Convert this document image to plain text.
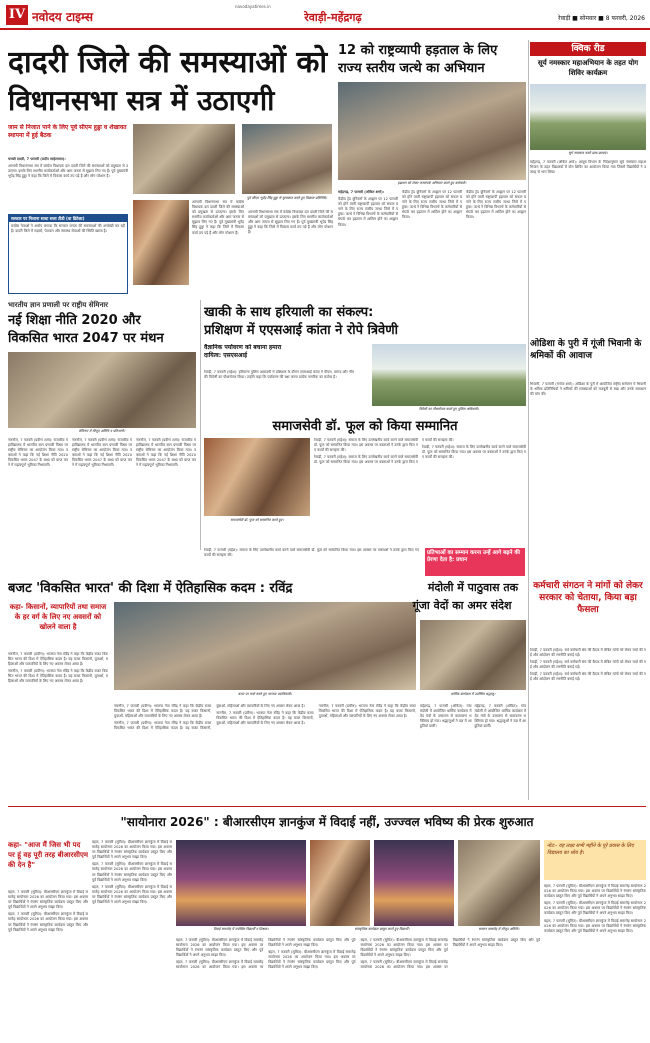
IV नवोदय टाइम्स
navodayatimes.in
रेवाड़ी-महेंद्रगढ़	रेवाड़ी ■ सोमवार ■ 8 फरवरी, 2026
दादरी जिले की समस्याओं को
विधानसभा सत्र में उठाएगी
जाम से निजात पाने के लिए पूर्व सीएम हुड्डा व शेखावत स्थापना में हुई बैठक

चरखी दादरी, 7 फरवरी (प्रदीप साहेलावत):

आगामी विधानसभा सत्र में कांग्रेस विधायक दल दादरी जिले की समस्याओं को प्रमुखता से उठाएगा। इसके लिए स्थानीय कार्यकर्ताओं और आम जनता से सुझाव लिए गए हैं। पूर्व मुख्यमंत्री भूपेंद्र सिंह हुड्डा ने कहा कि जिले में विकास कार्य ठप पड़े हैं और लोग परेशान हैं।

सरकार पर निशाना साधा सत्ता टीडी (वा डिटेक्ट)
कांग्रेस नेताओं ने आरोप लगाया कि सरकार जनता की समस्याओं की अनदेखी कर रही है। दादरी जिले में सड़कों, पेयजल और स्वास्थ्य सेवाओं की स्थिति खराब है।
आगामी विधानसभा सत्र में कांग्रेस विधायक दल दादरी जिले की समस्याओं को प्रमुखता से उठाएगा। इसके लिए स्थानीय कार्यकर्ताओं और आम जनता से सुझाव लिए गए हैं। पूर्व मुख्यमंत्री भूपेंद्र सिंह हुड्डा ने कहा कि जिले में विकास कार्य ठप पड़े हैं और लोग परेशान हैं।
पूर्व सीएम भूपेंद्र सिंह हुड्डा से मुलाकात करते हुए विकास प्रतिनिधि।
आगामी विधानसभा सत्र में कांग्रेस विधायक दल दादरी जिले की समस्याओं को प्रमुखता से उठाएगा। इसके लिए स्थानीय कार्यकर्ताओं और आम जनता से सुझाव लिए गए हैं। पूर्व मुख्यमंत्री भूपेंद्र सिंह हुड्डा ने कहा कि जिले में विकास कार्य ठप पड़े हैं और लोग परेशान हैं।
12 को राष्ट्रव्यापी हड़ताल के लिए
राज्य स्तरीय जत्थे का अभियान
हड़ताल को लेकर जनसंपर्क अभियान करते हुए कर्मचारी।

महेंद्रगढ़, 7 फरवरी (अंकित शर्मा):

केंद्रीय ट्रेड यूनियनों के आह्वान पर 12 फरवरी को होने वाली राष्ट्रव्यापी हड़ताल को सफल बनाने के लिए राज्य स्तरीय जत्था जिले में पहुंचा। जत्थे ने विभिन्न विभागों के कर्मचारियों से संपर्क कर हड़ताल में शामिल होने का आह्वान किया।

केंद्रीय ट्रेड यूनियनों के आह्वान पर 12 फरवरी को होने वाली राष्ट्रव्यापी हड़ताल को सफल बनाने के लिए राज्य स्तरीय जत्था जिले में पहुंचा। जत्थे ने विभिन्न विभागों के कर्मचारियों से संपर्क कर हड़ताल में शामिल होने का आह्वान किया।

केंद्रीय ट्रेड यूनियनों के आह्वान पर 12 फरवरी को होने वाली राष्ट्रव्यापी हड़ताल को सफल बनाने के लिए राज्य स्तरीय जत्था जिले में पहुंचा। जत्थे ने विभिन्न विभागों के कर्मचारियों से संपर्क कर हड़ताल में शामिल होने का आह्वान किया।

क्विक रीड
सूर्य नमस्कार महाअभियान के तहत योग शिविर कार्यक्रम
सूर्य नमस्कार करते छात्र-छात्राएं।
महेंद्रगढ़, 7 फरवरी (अंकित शर्मा): आयुष विभाग के निर्देशानुसार सूर्य नमस्कार महाअभियान के तहत विद्यालयों में योग शिविर का आयोजन किया गया जिसमें विद्यार्थियों ने उत्साह से भाग लिया।
ओडिशा के पुरी में गूंजी भिवानी के श्रमिकों की आवाज
भिवानी, 7 फरवरी (मनोज शर्मा): ओडिशा के पुरी में आयोजित राष्ट्रीय सम्मेलन में भिवानी के श्रमिक प्रतिनिधियों ने श्रमिकों की समस्याओं को मजबूती से रखा और उनके समाधान की मांग की।
भारतीय ज्ञान प्रणाली पर राष्ट्रीय सेमिनार
नई शिक्षा नीति 2020 और
विकसित भारत 2047 पर मंथन
सेमिनार में मौजूद अतिथि व प्रतिभागी।

नारनौल, 7 फरवरी (प्रवीण शर्मा): राजकीय महाविद्यालय में भारतीय ज्ञान प्रणाली विषय पर राष्ट्रीय सेमिनार का आयोजन किया गया। वक्ताओं ने कहा कि नई शिक्षा नीति 2020 विकसित भारत 2047 के लक्ष्य को प्राप्त करने में महत्वपूर्ण भूमिका निभाएगी।

नारनौल, 7 फरवरी (प्रवीण शर्मा): राजकीय महाविद्यालय में भारतीय ज्ञान प्रणाली विषय पर राष्ट्रीय सेमिनार का आयोजन किया गया। वक्ताओं ने कहा कि नई शिक्षा नीति 2020 विकसित भारत 2047 के लक्ष्य को प्राप्त करने में महत्वपूर्ण भूमिका निभाएगी।

नारनौल, 7 फरवरी (प्रवीण शर्मा): राजकीय महाविद्यालय में भारतीय ज्ञान प्रणाली विषय पर राष्ट्रीय सेमिनार का आयोजन किया गया। वक्ताओं ने कहा कि नई शिक्षा नीति 2020 विकसित भारत 2047 के लक्ष्य को प्राप्त करने में महत्वपूर्ण भूमिका निभाएगी।

खाकी के साथ हरियाली का संकल्प:
प्रशिक्षण में एएसआई कांता ने रोपे त्रिवेणी
वैज्ञानिक पर्यावरण को बचाना हमारा दायित्व: एसएसआई
रेवाड़ी, 7 फरवरी (महेश): हरियाणा पुलिस अकादमी में प्रशिक्षण के दौरान एएसआई कांता ने पीपल, बरगद और नीम की त्रिवेणी का पौधारोपण किया। उन्होंने कहा कि पर्यावरण की रक्षा करना प्रत्येक नागरिक का कर्तव्य है।
त्रिवेणी का पौधारोपण करते हुए पुलिस अधिकारी।
समाजसेवी डॉ. फूल को किया सम्मानित
समाजसेवी डॉ. फूल को सम्मानित करते हुए।

रेवाड़ी, 7 फरवरी (महेश): समाज के लिए उल्लेखनीय कार्य करने वाले समाजसेवी डॉ. फूल को सम्मानित किया गया। इस अवसर पर वक्ताओं ने उनके द्वारा किए गए कार्यों की सराहना की।

रेवाड़ी, 7 फरवरी (महेश): समाज के लिए उल्लेखनीय कार्य करने वाले समाजसेवी डॉ. फूल को सम्मानित किया गया। इस अवसर पर वक्ताओं ने उनके द्वारा किए गए कार्यों की सराहना की।

रेवाड़ी, 7 फरवरी (महेश): समाज के लिए उल्लेखनीय कार्य करने वाले समाजसेवी डॉ. फूल को सम्मानित किया गया। इस अवसर पर वक्ताओं ने उनके द्वारा किए गए कार्यों की सराहना की।

प्रतिभाओं का सम्मान करना उन्हें आगे बढ़ने की प्रेरणा देता है: प्रधान
रेवाड़ी, 7 फरवरी (महेश): समाज के लिए उल्लेखनीय कार्य करने वाले समाजसेवी डॉ. फूल को सम्मानित किया गया। इस अवसर पर वक्ताओं ने उनके द्वारा किए गए कार्यों की सराहना की।
बजट 'विकसित भारत' की दिशा में ऐतिहासिक कदम : रविंद्र
कहा- किसानों, व्यापारियों तथा समाज के हर वर्ग के लिए नए अवसरों को खोलने वाला है
बजट पर चर्चा करते हुए भाजपा पदाधिकारी।

नारनौल, 7 फरवरी (प्रवीण): भाजपा नेता रविंद्र ने कहा कि केंद्रीय बजट विकसित भारत की दिशा में ऐतिहासिक कदम है। यह बजट किसानों, युवाओं, महिलाओं और व्यापारियों के लिए नए अवसर लेकर आया है।

नारनौल, 7 फरवरी (प्रवीण): भाजपा नेता रविंद्र ने कहा कि केंद्रीय बजट विकसित भारत की दिशा में ऐतिहासिक कदम है। यह बजट किसानों, युवाओं, महिलाओं और व्यापारियों के लिए नए अवसर लेकर आया है।

नारनौल, 7 फरवरी (प्रवीण): भाजपा नेता रविंद्र ने कहा कि केंद्रीय बजट विकसित भारत की दिशा में ऐतिहासिक कदम है। यह बजट किसानों, युवाओं, महिलाओं और व्यापारियों के लिए नए अवसर लेकर आया है।

नारनौल, 7 फरवरी (प्रवीण): भाजपा नेता रविंद्र ने कहा कि केंद्रीय बजट विकसित भारत की दिशा में ऐतिहासिक कदम है। यह बजट किसानों, युवाओं, महिलाओं और व्यापारियों के लिए नए अवसर लेकर आया है।

नारनौल, 7 फरवरी (प्रवीण): भाजपा नेता रविंद्र ने कहा कि केंद्रीय बजट विकसित भारत की दिशा में ऐतिहासिक कदम है। यह बजट किसानों, युवाओं, महिलाओं और व्यापारियों के लिए नए अवसर लेकर आया है।

नारनौल, 7 फरवरी (प्रवीण): भाजपा नेता रविंद्र ने कहा कि केंद्रीय बजट विकसित भारत की दिशा में ऐतिहासिक कदम है। यह बजट किसानों, युवाओं, महिलाओं और व्यापारियों के लिए नए अवसर लेकर आया है।

मंदोली में पाठुवास तक
गूंजा वेदों का अमर संदेश
धार्मिक कार्यक्रम में उपस्थित श्रद्धालु।

महेंद्रगढ़, 7 फरवरी (अंकित): गांव मंदोली में आयोजित धार्मिक कार्यक्रम में वेद मंत्रों के उच्चारण से वातावरण भक्तिमय हो गया। श्रद्धालुओं ने यज्ञ में आहुतियां डालीं।

महेंद्रगढ़, 7 फरवरी (अंकित): गांव मंदोली में आयोजित धार्मिक कार्यक्रम में वेद मंत्रों के उच्चारण से वातावरण भक्तिमय हो गया। श्रद्धालुओं ने यज्ञ में आहुतियां डालीं।

कर्मचारी संगठन ने मांगों को लेकर सरकार को चेताया, किया बड़ा फैसला

रेवाड़ी, 7 फरवरी (महेश): सर्व कर्मचारी संघ की बैठक में लंबित मांगों को लेकर चर्चा की गई और आंदोलन की रणनीति बनाई गई।

रेवाड़ी, 7 फरवरी (महेश): सर्व कर्मचारी संघ की बैठक में लंबित मांगों को लेकर चर्चा की गई और आंदोलन की रणनीति बनाई गई।

रेवाड़ी, 7 फरवरी (महेश): सर्व कर्मचारी संघ की बैठक में लंबित मांगों को लेकर चर्चा की गई और आंदोलन की रणनीति बनाई गई।

"सायोनारा 2026" : बीआरसीएम ज्ञानकुंज में विदाई नहीं, उज्ज्वल भविष्य की प्रेरक शुरुआत
कहा- "आज मैं जिस भी पद पर हूं वह पूरी तरह बीआरसीएम की देन है"

बहल, 7 फरवरी (सुमित): बीआरसीएम ज्ञानकुंज में विदाई समारोह सायोनारा 2026 का आयोजन किया गया। इस अवसर पर विद्यार्थियों ने रंगारंग सांस्कृतिक कार्यक्रम प्रस्तुत किए और पूर्व विद्यार्थियों ने अपने अनुभव साझा किए।

बहल, 7 फरवरी (सुमित): बीआरसीएम ज्ञानकुंज में विदाई समारोह सायोनारा 2026 का आयोजन किया गया। इस अवसर पर विद्यार्थियों ने रंगारंग सांस्कृतिक कार्यक्रम प्रस्तुत किए और पूर्व विद्यार्थियों ने अपने अनुभव साझा किए।

बहल, 7 फरवरी (सुमित): बीआरसीएम ज्ञानकुंज में विदाई समारोह सायोनारा 2026 का आयोजन किया गया। इस अवसर पर विद्यार्थियों ने रंगारंग सांस्कृतिक कार्यक्रम प्रस्तुत किए और पूर्व विद्यार्थियों ने अपने अनुभव साझा किए।

बहल, 7 फरवरी (सुमित): बीआरसीएम ज्ञानकुंज में विदाई समारोह सायोनारा 2026 का आयोजन किया गया। इस अवसर पर विद्यार्थियों ने रंगारंग सांस्कृतिक कार्यक्रम प्रस्तुत किए और पूर्व विद्यार्थियों ने अपने अनुभव साझा किए।

बहल, 7 फरवरी (सुमित): बीआरसीएम ज्ञानकुंज में विदाई समारोह सायोनारा 2026 का आयोजन किया गया। इस अवसर पर विद्यार्थियों ने रंगारंग सांस्कृतिक कार्यक्रम प्रस्तुत किए और पूर्व विद्यार्थियों ने अपने अनुभव साझा किए।

विदाई समारोह में उपस्थित विद्यार्थी व शिक्षक।	सांस्कृतिक कार्यक्रम प्रस्तुत करते हुए विद्यार्थी।	सम्मान समारोह में मौजूद अतिथि।

बहल, 7 फरवरी (सुमित): बीआरसीएम ज्ञानकुंज में विदाई समारोह सायोनारा 2026 का आयोजन किया गया। इस अवसर पर विद्यार्थियों ने रंगारंग सांस्कृतिक कार्यक्रम प्रस्तुत किए और पूर्व विद्यार्थियों ने अपने अनुभव साझा किए।

बहल, 7 फरवरी (सुमित): बीआरसीएम ज्ञानकुंज में विदाई समारोह सायोनारा 2026 का आयोजन किया गया। इस अवसर पर विद्यार्थियों ने रंगारंग सांस्कृतिक कार्यक्रम प्रस्तुत किए और पूर्व विद्यार्थियों ने अपने अनुभव साझा किए।

बहल, 7 फरवरी (सुमित): बीआरसीएम ज्ञानकुंज में विदाई समारोह सायोनारा 2026 का आयोजन किया गया। इस अवसर पर विद्यार्थियों ने रंगारंग सांस्कृतिक कार्यक्रम प्रस्तुत किए और पूर्व विद्यार्थियों ने अपने अनुभव साझा किए।

बहल, 7 फरवरी (सुमित): बीआरसीएम ज्ञानकुंज में विदाई समारोह सायोनारा 2026 का आयोजन किया गया। इस अवसर पर विद्यार्थियों ने रंगारंग सांस्कृतिक कार्यक्रम प्रस्तुत किए और पूर्व विद्यार्थियों ने अपने अनुभव साझा किए।

बहल, 7 फरवरी (सुमित): बीआरसीएम ज्ञानकुंज में विदाई समारोह सायोनारा 2026 का आयोजन किया गया। इस अवसर पर विद्यार्थियों ने रंगारंग सांस्कृतिक कार्यक्रम प्रस्तुत किए और पूर्व विद्यार्थियों ने अपने अनुभव साझा किए।

नोट:- यह लक्ष्य सभी महीने के पूरे प्रयास के लिए विद्यालय का ध्येय है।

बहल, 7 फरवरी (सुमित): बीआरसीएम ज्ञानकुंज में विदाई समारोह सायोनारा 2026 का आयोजन किया गया। इस अवसर पर विद्यार्थियों ने रंगारंग सांस्कृतिक कार्यक्रम प्रस्तुत किए और पूर्व विद्यार्थियों ने अपने अनुभव साझा किए।

बहल, 7 फरवरी (सुमित): बीआरसीएम ज्ञानकुंज में विदाई समारोह सायोनारा 2026 का आयोजन किया गया। इस अवसर पर विद्यार्थियों ने रंगारंग सांस्कृतिक कार्यक्रम प्रस्तुत किए और पूर्व विद्यार्थियों ने अपने अनुभव साझा किए।

बहल, 7 फरवरी (सुमित): बीआरसीएम ज्ञानकुंज में विदाई समारोह सायोनारा 2026 का आयोजन किया गया। इस अवसर पर विद्यार्थियों ने रंगारंग सांस्कृतिक कार्यक्रम प्रस्तुत किए और पूर्व विद्यार्थियों ने अपने अनुभव साझा किए।
